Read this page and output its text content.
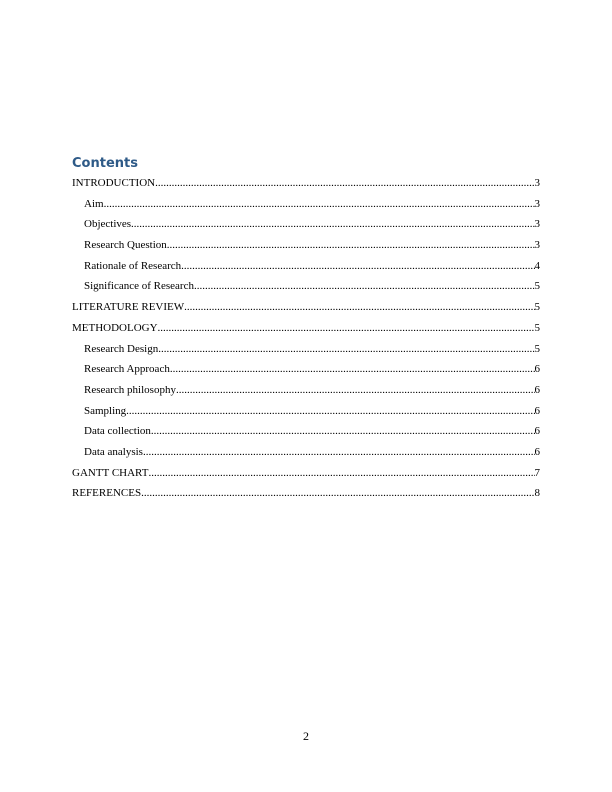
Contents
INTRODUCTION .....	3
Aim .....	3
Objectives .....	3
Research Question .....	3
Rationale of Research .....	4
Significance of Research .....	5
LITERATURE REVIEW .....	5
METHODOLOGY .....	5
Research Design .....	5
Research Approach .....	6
Research philosophy .....	6
Sampling .....	6
Data collection .....	6
Data analysis .....	6
GANTT CHART .....	7
REFERENCES .....	8
2
